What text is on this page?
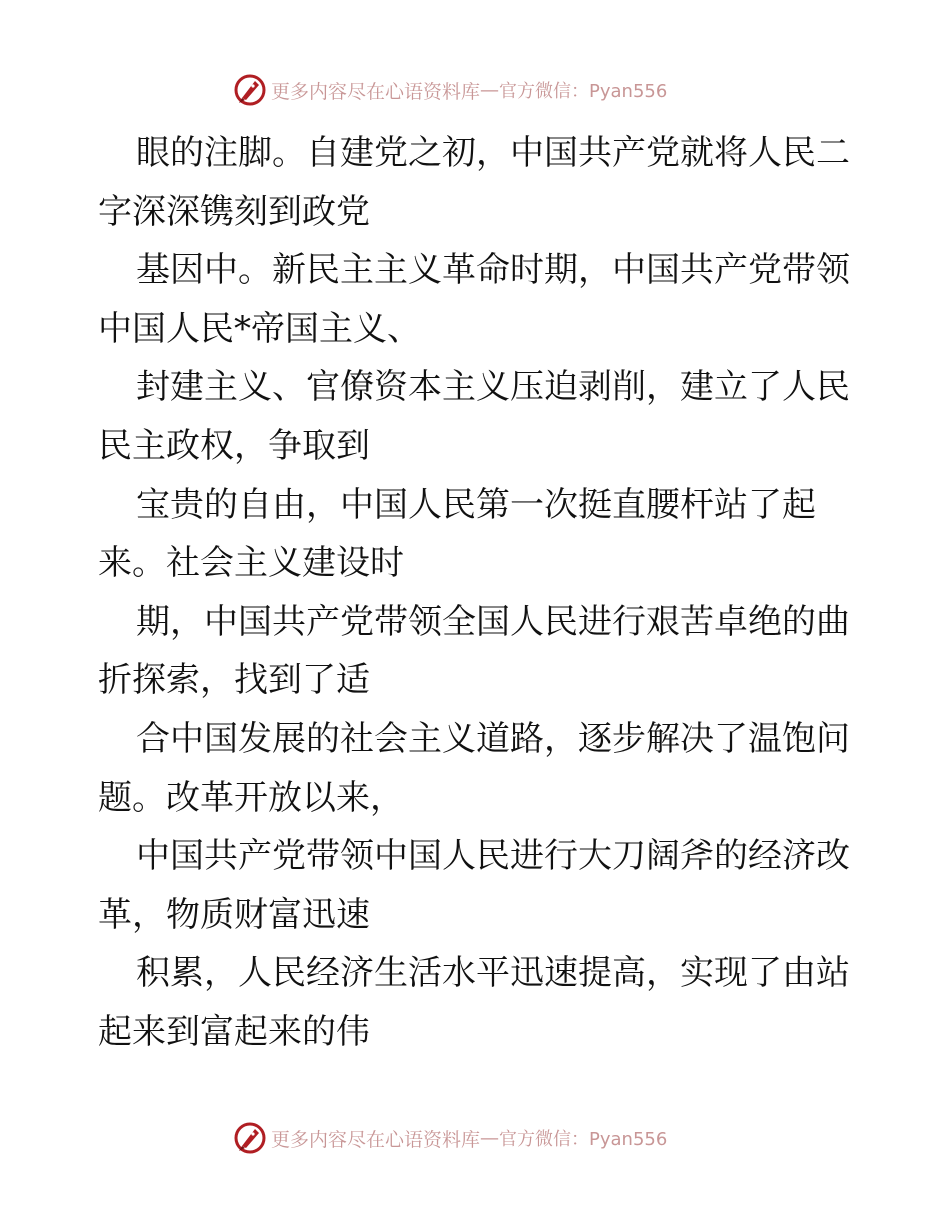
更多内容尽在心语资料库 — 官方微信：Pyan556
眼的注脚。自建党之初，中国共产党就将人民二
字深深镌刻到政党
基因中。新民主主义革命时期，中国共产党带领
中国人民*帝国主义、
封建主义、官僚资本主义压迫剥削，建立了人民
民主政权，争取到
宝贵的自由，中国人民第一次挺直腰杆站了起
来。社会主义建设时
期，中国共产党带领全国人民进行艰苦卓绝的曲
折探索，找到了适
合中国发展的社会主义道路，逐步解决了温饱问
题。改革开放以来，
中国共产党带领中国人民进行大刀阔斧的经济改
革，物质财富迅速
积累，人民经济生活水平迅速提高，实现了由站
起来到富起来的伟
更多内容尽在心语资料库 — 官方微信：Pyan556
